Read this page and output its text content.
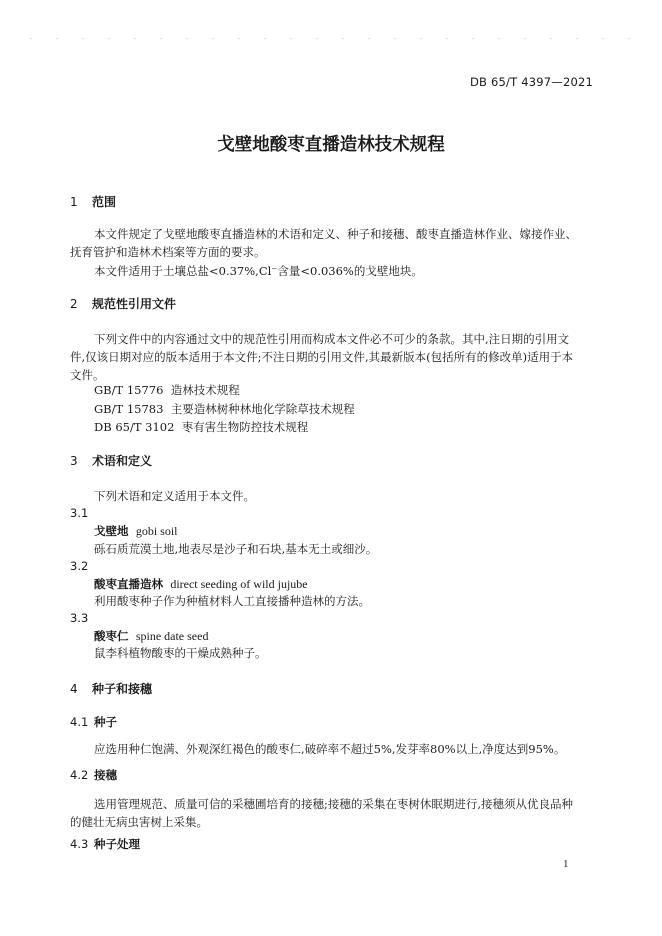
DB 65/T 4397—2021
戈壁地酸枣直播造林技术规程
1 范围
本文件规定了戈壁地酸枣直播造林的术语和定义、种子和接穗、酸枣直播造林作业、嫁接作业、抚育管护和造林术档案等方面的要求。
本文件适用于土壤总盐<0.37%,Cl⁻含量<0.036%的戈壁地块。
2 规范性引用文件
下列文件中的内容通过文中的规范性引用而构成本文件必不可少的条款。其中,注日期的引用文件,仅该日期对应的版本适用于本文件;不注日期的引用文件,其最新版本(包括所有的修改单)适用于本文件。
GB/T 15776 造林技术规程
GB/T 15783 主要造林树种林地化学除草技术规程
DB 65/T 3102 枣有害生物防控技术规程
3 术语和定义
下列术语和定义适用于本文件。
3.1
戈壁地 gobi soil
砾石质荒漠土地,地表尽是沙子和石块,基本无土或细沙。
3.2
酸枣直播造林 direct seeding of wild jujube
利用酸枣种子作为种植材料人工直接播种造林的方法。
3.3
酸枣仁 spine date seed
鼠李科植物酸枣的干燥成熟种子。
4 种子和接穗
4.1 种子
应选用种仁饱满、外观深红褐色的酸枣仁,破碎率不超过5%,发芽率80%以上,净度达到95%。
4.2 接穗
选用管理规范、质量可信的采穗圃培育的接穗;接穗的采集在枣树休眠期进行,接穗须从优良品种的健壮无病虫害树上采集。
4.3 种子处理
1
